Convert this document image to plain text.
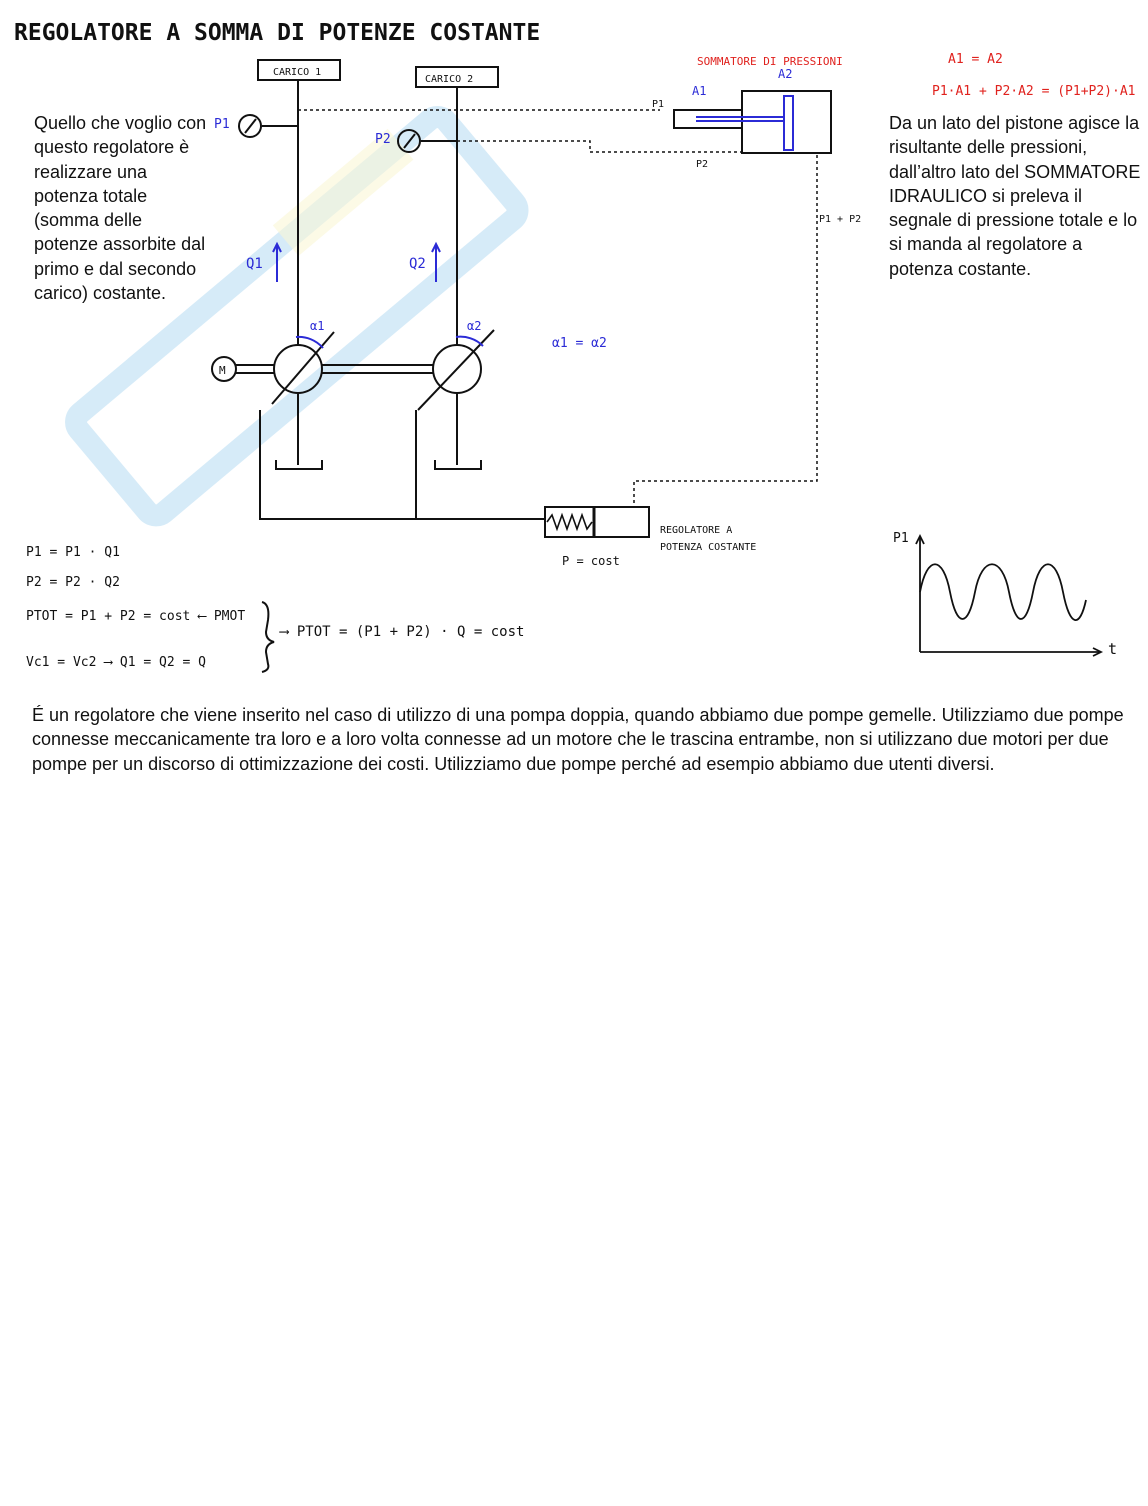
REGOLATORE A SOMMA DI POTENZE COSTANTE
CARICO 1
CARICO 2
P1
P2
P1 + P2
M
REGOLATORE A
POTENZA COSTANTE
P = cost
P1
t
P1
P2
A1
A2
Q1	Q2
α1	α2
α1 = α2
SOMMATORE DI PRESSIONI	A1 = A2
P1·A1 + P2·A2 = (P1+P2)·A1
P1 = P1 · Q1
P2 = P2 · Q2
PTOT = P1 + P2 = cost ⟵ PMOT
Vc1 = Vc2 ⟶ Q1 = Q2 = Q
⟶ PTOT = (P1 + P2) · Q = cost
Quello che voglio con questo regolatore è realizzare una potenza totale (somma delle potenze assorbite dal primo e dal secondo carico) costante.
Da un lato del pistone agisce la risultante delle pressioni, dall’altro lato del SOMMATORE IDRAULICO si preleva il segnale di pressione totale e lo si manda al regolatore a potenza costante.
É un regolatore che viene inserito nel caso di utilizzo di una pompa doppia, quando abbiamo due pompe gemelle. Utilizziamo due pompe connesse meccanicamente tra loro e a loro volta connesse ad un motore che le trascina entrambe, non si utilizzano due motori per due pompe per un discorso di ottimizzazione dei costi. Utilizziamo due pompe perché ad esempio abbiamo due utenti diversi.
